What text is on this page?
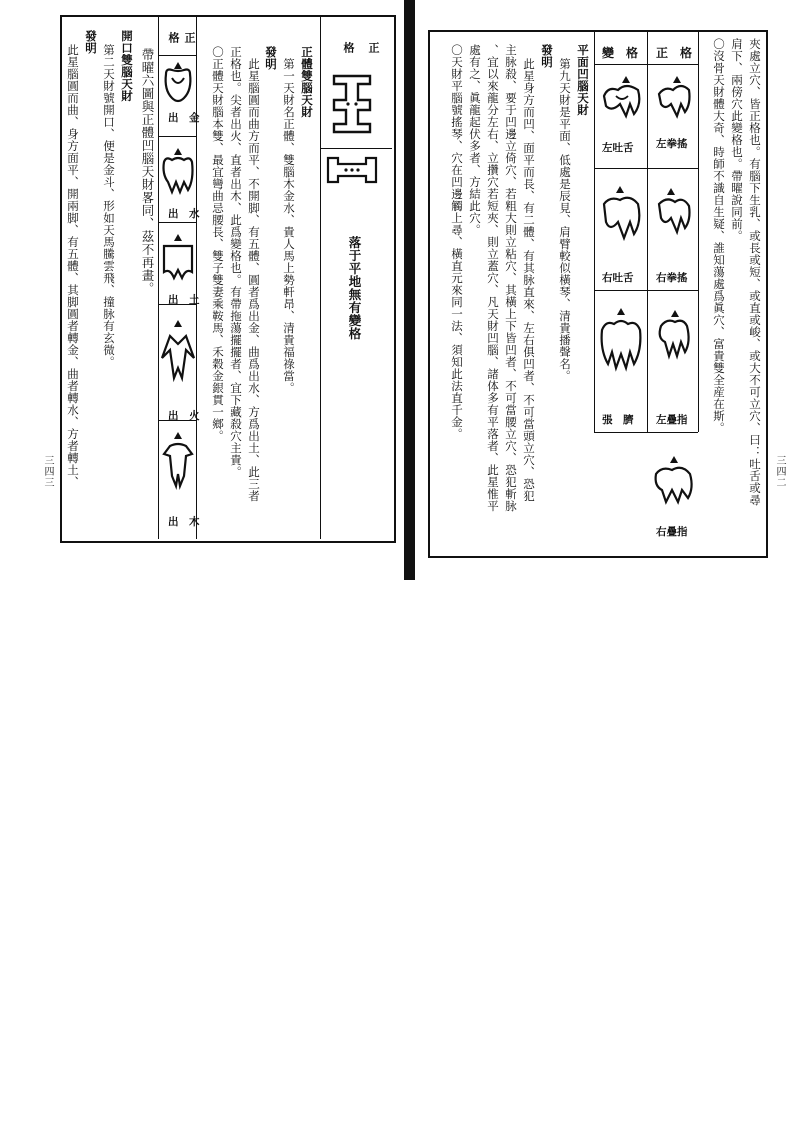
三四三
正體雙腦天財
第一天財名正體、雙腦木金水、貴人馬上勢軒昂、清貴福祿當。
發明
此星腦圓而曲方而平、不開脚、有五體、圓者爲出金、曲爲出水、方爲出土、此三者
正格也。尖者出火、直者出木、此爲變格也。有帶拖蕩擺擺者、宜下藏殺穴主貴。
〇正體天財腦本雙、最宜彎曲忌腰長、雙子雙妻乘鞍馬、禾穀金銀貫一鄉。
正
格
出　金
出　水
出　土
出　火
出　木
正
格
落于平地無有變格
帶曜六圖與正體凹腦天財畧同、茲不再畫。
開口雙腦天財
第二天財號開口、便是金斗、形如天馬騰雲飛、撞脉有玄微。
發明
此星腦圓而曲、身方面平、開兩脚、有五體、其脚圓者轉金、曲者轉水、方者轉土、	三四二
夾處立穴、皆正格也。有腦下生乳、或長或短、或直或峻、或大不可立穴、曰：吐舌或尋
肩下、兩傍穴此變格也。帶曜說同前。
〇沒骨天財體大奇、時師不識自生疑、誰知蕩處爲眞穴、富貴雙全産在斯。
正　格
變　格
左拳搖
右拳搖
左疊指
左吐舌
右吐舌
張　臍
右疊指
平面凹腦天財
第九天財是平面、低處是辰見、肩臂較似橫琴、清貴播聲名。
發明
此星身方而凹、面平而長、有二體、有其脉直來、左右俱凹者、不可當頭立穴、恐犯
主脉殺、要于凹邊立倚穴、若粗大則立粘穴、其橫上下皆凹者、不可當腰立穴、恐犯斬脉
、宜以來龍分左右、立攢穴若短夾、則立蓋穴、凡天財凹腦、諸体多有平落者、此星惟平
處有之、眞龍起伏多者、方結此穴。
〇天財平腦號搖琴、穴在凹邊觸上尋、橫直元來同一法、須知此法直千金。
